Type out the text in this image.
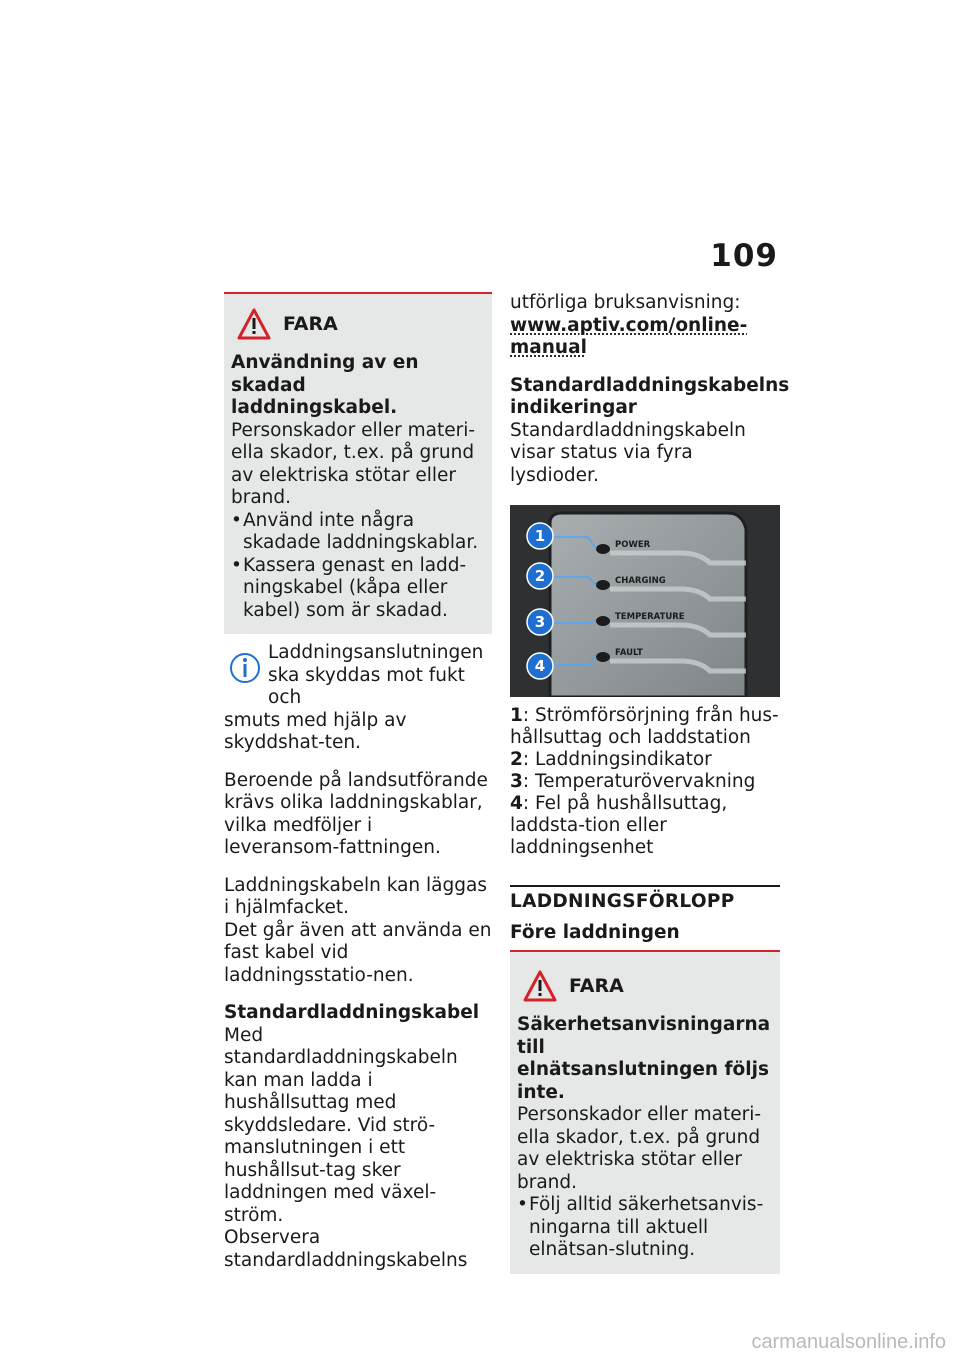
109
FARA

Användning av en skadad

laddningskabel.

Personskador eller materi-ella skador, t.ex. på grund av elektriska stötar eller brand.

• Använd inte några skadade laddningskablar.
• Kassera genast en ladd-ningskabel (kåpa eller kabel) som är skadad.

Laddningsanslutningen

ska skyddas mot fukt och

smuts med hjälp av skyddshat-ten.

Beroende på landsutförande krävs olika laddningskablar, vilka medföljer i leveransom-fattningen.

Laddningskabeln kan läggas i hjälmfacket.

Det går även att använda en fast kabel vid laddningsstatio-nen.

Standardladdningskabel

Med standardladdningskabeln kan man ladda i hushållsuttag med skyddsledare. Vid strö-manslutningen i ett hushållsut-tag sker laddningen med växel-ström.

Observera standardladdningskabelns

utförliga bruksanvisning:

www.aptiv.com/online-manual

Standardladdningskabelns

indikeringar

Standardladdningskabeln visar status via fyra lysdioder.

1
2
3
4
POWER
CHARGING
TEMPERATURE
FAULT

1: Strömförsörjning från hus-hållsuttag och laddstation

2: Laddningsindikator

3: Temperaturövervakning

4: Fel på hushållsuttag, laddsta-tion eller laddningsenhet

LADDNINGSFÖRLOPP

Före laddningen

FARA

Säkerhetsanvisningarna till

elnätsanslutningen följs inte.

Personskador eller materi-ella skador, t.ex. på grund av elektriska stötar eller brand.

• Följ alltid säkerhetsanvis-ningarna till aktuell elnätsan-slutning.
carmanualsonline.info
